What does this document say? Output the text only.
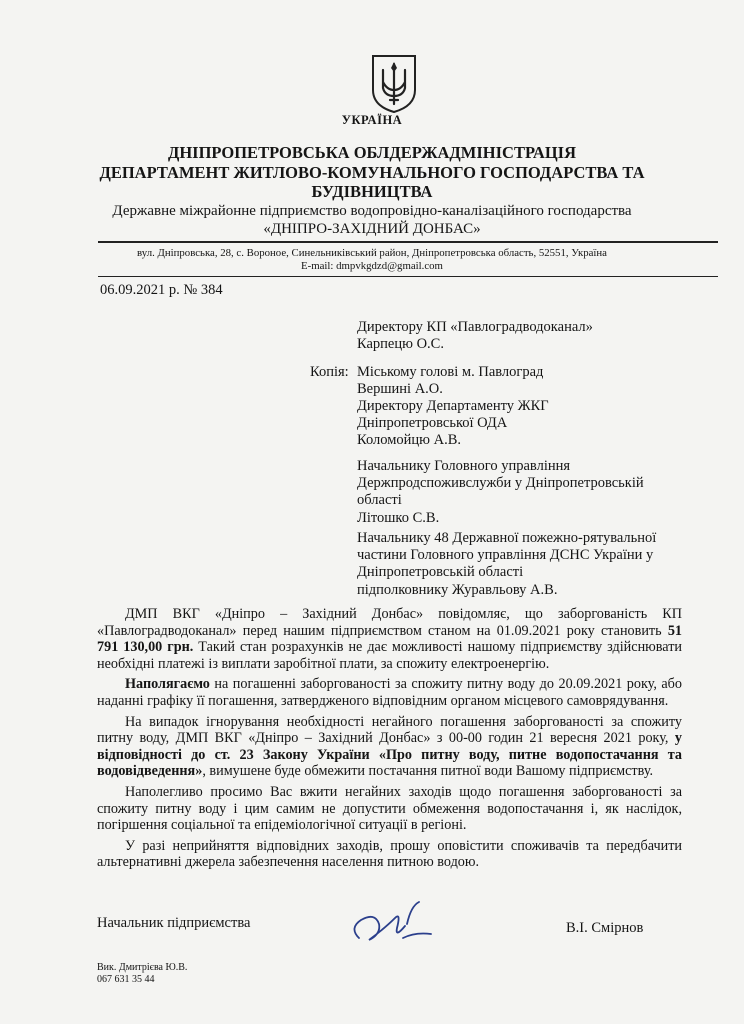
УКРАЇНА
ДНІПРОПЕТРОВСЬКА ОБЛДЕРЖАДМІНІСТРАЦІЯ
ДЕПАРТАМЕНТ ЖИТЛОВО-КОМУНАЛЬНОГО ГОСПОДАРСТВА ТА
БУДІВНИЦТВА
Державне міжрайонне підприємство водопровідно-каналізаційного господарства
«ДНІПРО-ЗАХІДНИЙ ДОНБАС»
вул. Дніпровська, 28, с. Вороное, Синельниківський район, Дніпропетровська область, 52551, Україна
E-mail: dmpvkgdzd@gmail.com
06.09.2021 р. № 384
Директору КП «Павлоградводоканал»
Карпецю О.С.
Копія: Міському голові м. Павлоград
Вершині А.О.
Директору Департаменту ЖКГ
Дніпропетровської ОДА
Коломойцю А.В.
Начальнику Головного управління
Держпродспоживслужби у Дніпропетровській
області
Літошко С.В.
Начальнику 48 Державної пожежно-рятувальної
частини Головного управління ДСНС України у
Дніпропетровській області
підполковнику Журавльову А.В.

ДМП ВКГ «Дніпро – Західний Донбас» повідомляє, що заборгованість КП «Павлоградводоканал» перед нашим підприємством станом на 01.09.2021 року становить 51 791 130,00 грн. Такий стан розрахунків не дає можливості нашому підприємству здійснювати необхідні платежі із виплати заробітної плати, за спожиту електроенергію.

Наполягаємо на погашенні заборгованості за спожиту питну воду до 20.09.2021 року, або наданні графіку її погашення, затвердженого відповідним органом місцевого самоврядування.

На випадок ігнорування необхідності негайного погашення заборгованості за спожиту питну воду, ДМП ВКГ «Дніпро – Західний Донбас» з 00-00 годин 21 вересня 2021 року, у відповідності до ст. 23 Закону України «Про питну воду, питне водопостачання та водовідведення», вимушене буде обмежити постачання питної води Вашому підприємству.

Наполегливо просимо Вас вжити негайних заходів щодо погашення заборгованості за спожиту питну воду і цим самим не допустити обмеження водопостачання і, як наслідок, погіршення соціальної та епідеміологічної ситуації в регіоні.

У разі неприйняття відповідних заходів, прошу оповістити споживачів та передбачити альтернативні джерела забезпечення населення питною водою.

Начальник підприємства	В.І. Смірнов
Вик. Дмитрієва Ю.В.
067 631 35 44
